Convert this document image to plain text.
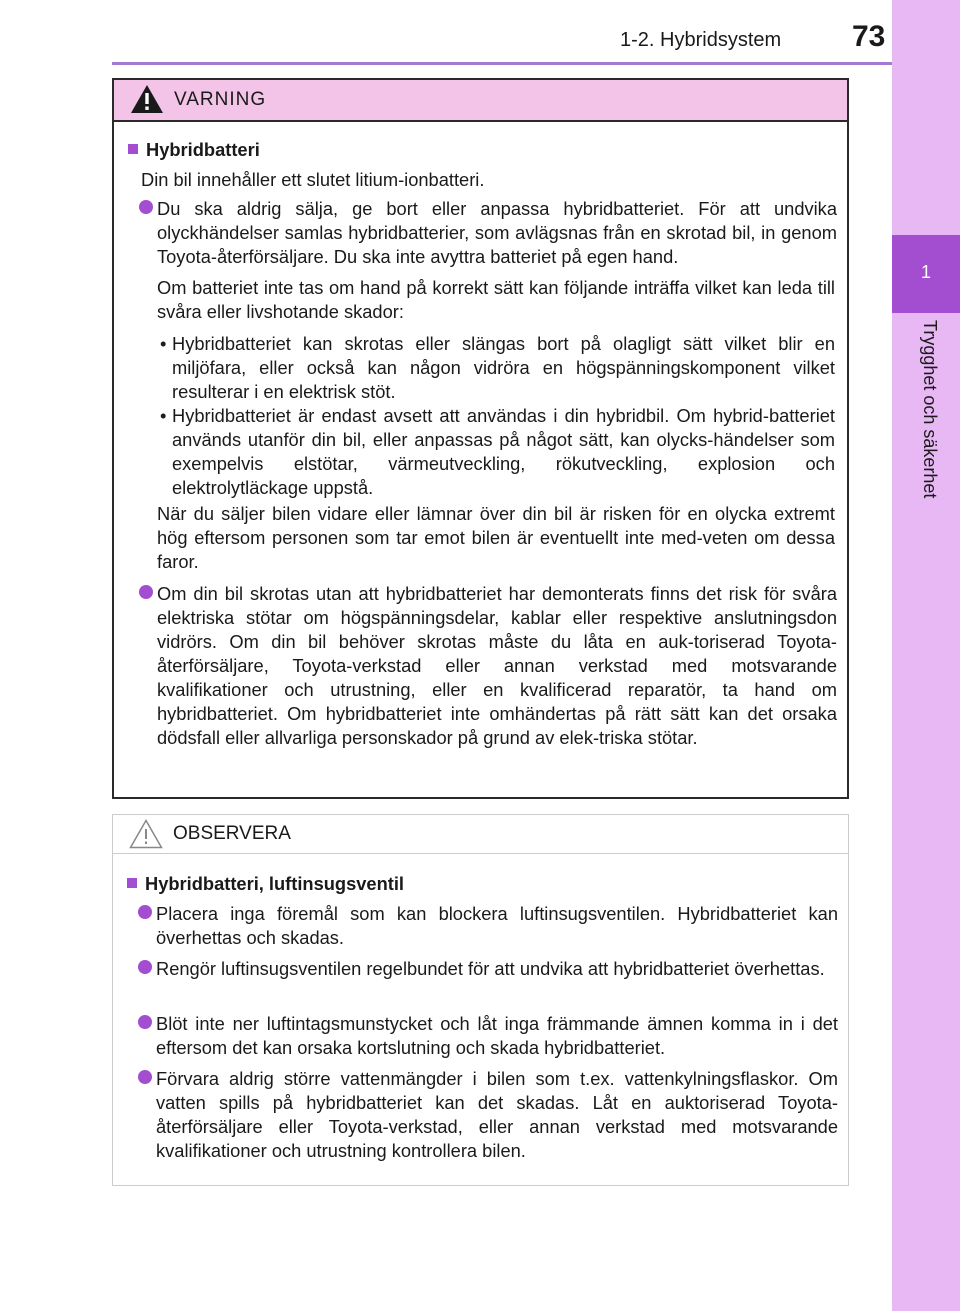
1-2. Hybridsystem 73
1
Trygghet och säkerhet
VARNING
Hybridbatteri
Din bil innehåller ett slutet litium-ionbatteri.
Du ska aldrig sälja, ge bort eller anpassa hybridbatteriet. För att undvika olyckhändelser samlas hybridbatterier, som avlägsnas från en skrotad bil, in genom Toyota-återförsäljare. Du ska inte avyttra batteriet på egen hand.
Om batteriet inte tas om hand på korrekt sätt kan följande inträffa vilket kan leda till svåra eller livshotande skador:
• Hybridbatteriet kan skrotas eller slängas bort på olagligt sätt vilket blir en miljöfara, eller också kan någon vidröra en högspänningskomponent vilket resulterar i en elektrisk stöt.
• Hybridbatteriet är endast avsett att användas i din hybridbil. Om hybrid-batteriet används utanför din bil, eller anpassas på något sätt, kan olycks-händelser som exempelvis elstötar, värmeutveckling, rökutveckling, explosion och elektrolytläckage uppstå.
När du säljer bilen vidare eller lämnar över din bil är risken för en olycka extremt hög eftersom personen som tar emot bilen är eventuellt inte med-veten om dessa faror.
Om din bil skrotas utan att hybridbatteriet har demonterats finns det risk för svåra elektriska stötar om högspänningsdelar, kablar eller respektive anslutningsdon vidrörs. Om din bil behöver skrotas måste du låta en auk-toriserad Toyota-återförsäljare, Toyota-verkstad eller annan verkstad med motsvarande kvalifikationer och utrustning, eller en kvalificerad reparatör, ta hand om hybridbatteriet. Om hybridbatteriet inte omhändertas på rätt sätt kan det orsaka dödsfall eller allvarliga personskador på grund av elek-triska stötar.
OBSERVERA
Hybridbatteri, luftinsugsventil
Placera inga föremål som kan blockera luftinsugsventilen. Hybridbatteriet kan överhettas och skadas.
Rengör luftinsugsventilen regelbundet för att undvika att hybridbatteriet överhettas.
Blöt inte ner luftintagsmunstycket och låt inga främmande ämnen komma in i det eftersom det kan orsaka kortslutning och skada hybridbatteriet.
Förvara aldrig större vattenmängder i bilen som t.ex. vattenkylningsflaskor. Om vatten spills på hybridbatteriet kan det skadas. Låt en auktoriserad Toyota-återförsäljare eller Toyota-verkstad, eller annan verkstad med motsvarande kvalifikationer och utrustning kontrollera bilen.
